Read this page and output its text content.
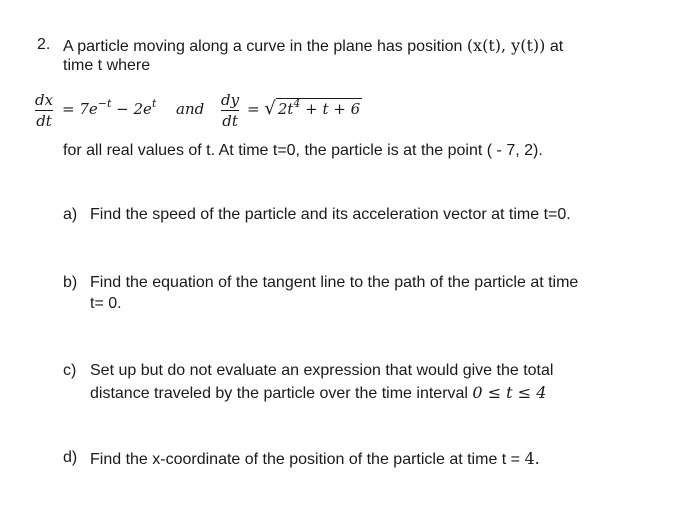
2. A particle moving along a curve in the plane has position (x(t), y(t)) at
time t where
dx
dt
= $7e^{-t} - 2e^t$ and dy
dt
= √ $2t^4 + t + 6$
for all real values of t. At time t=0, the particle is at the point ( - 7, 2).
a) Find the speed of the particle and its acceleration vector at time t=0.
b) Find the equation of the tangent line to the path of the particle at time
t= 0.
c) Set up but do not evaluate an expression that would give the total
distance traveled by the particle over the time interval 0 ≤ t ≤ 4
d) Find the x-coordinate of the position of the particle at time t = 4.
